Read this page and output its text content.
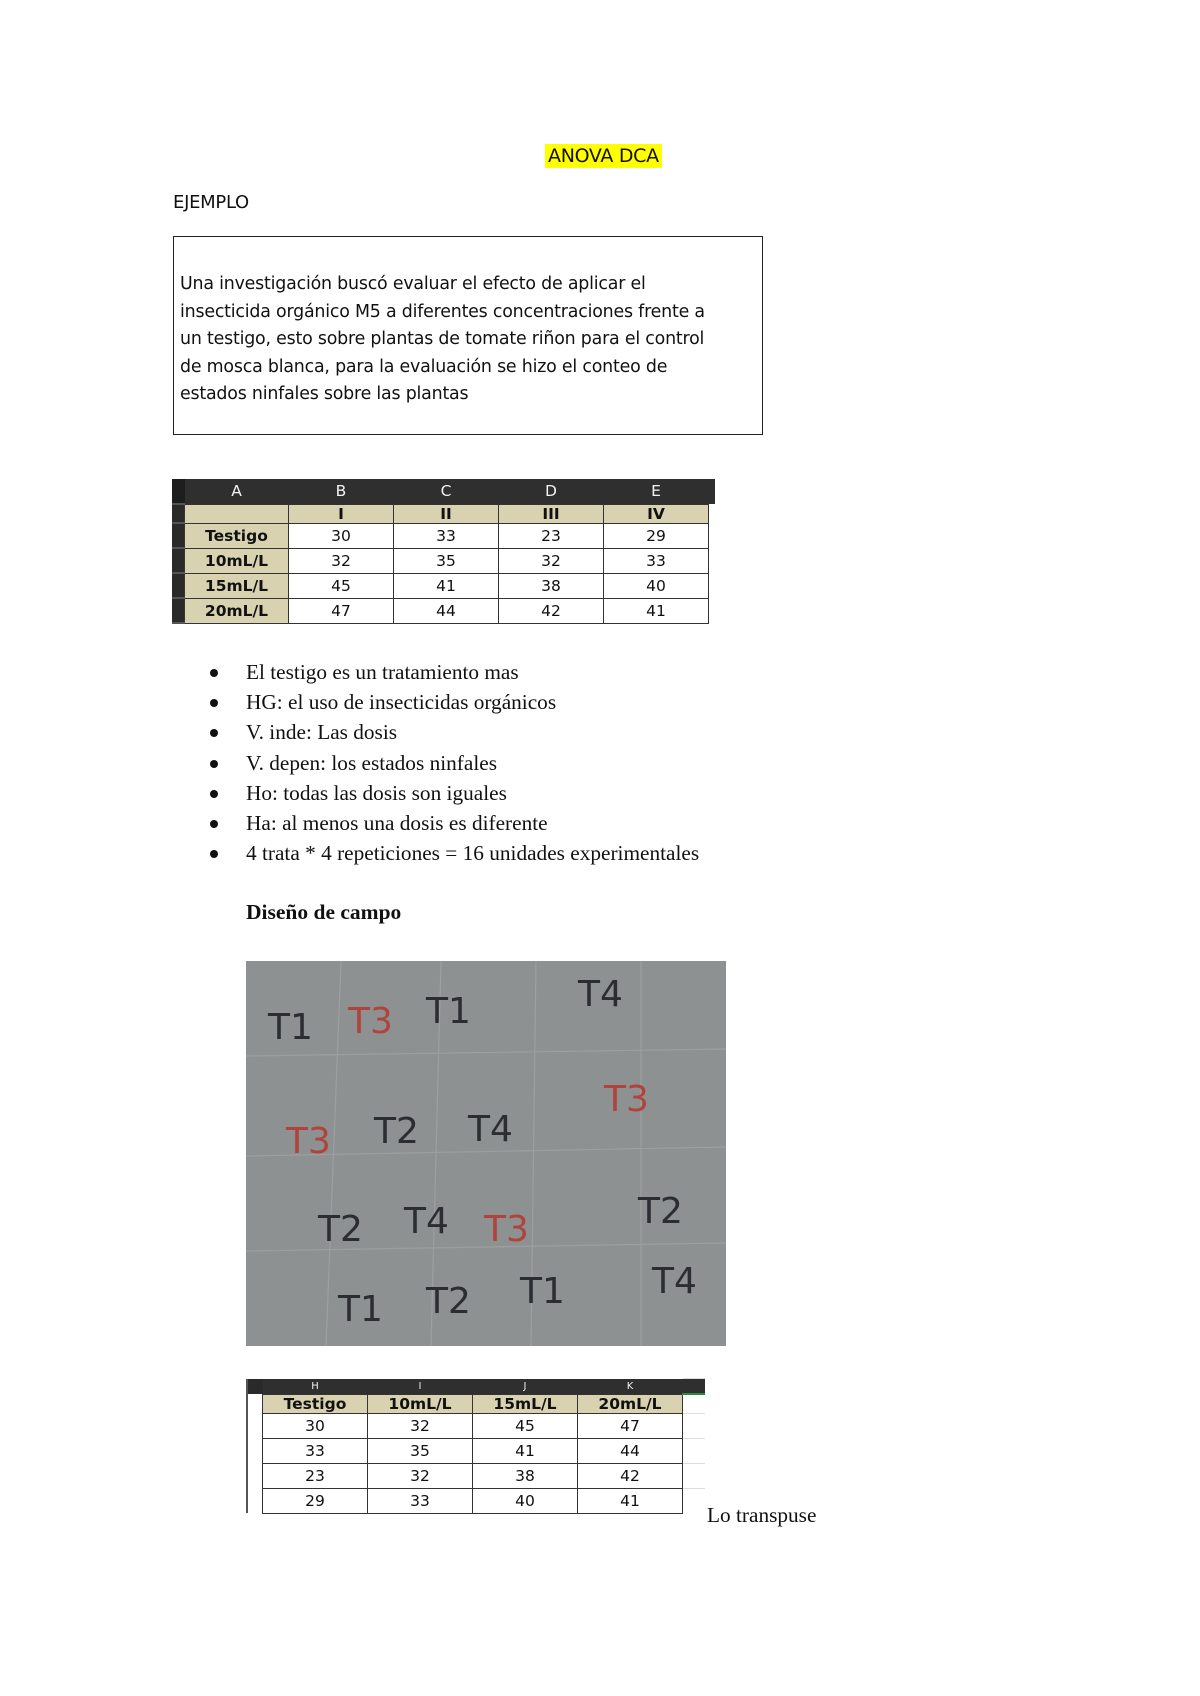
ANOVA DCA
EJEMPLO
Una investigación buscó evaluar el efecto de aplicar el
insecticida orgánico M5 a diferentes concentraciones frente a
un testigo, esto sobre plantas de tomate riñon para el control
de mosca blanca, para la evaluación se hizo el conteo de
estados ninfales sobre las plantas
	A	B	C	D	E	
		I	II	III	IV	
	Testigo	30	33	23	29	
	10mL/L	32	35	32	33	
	15mL/L	45	41	38	40	
	20mL/L	47	44	42	41	
El testigo es un tratamiento mas
HG: el uso de insecticidas orgánicos
V. inde: Las dosis
V. depen: los estados ninfales
Ho: todas las dosis son iguales
Ha: al menos una dosis es diferente
4 trata * 4 repeticiones = 16 unidades experimentales
Diseño de campo
T1 T3 T1	T4
T3 T2 T4
T3
T2 T4 T3	T2
T1 T2 T1 T4
	H	I	J	K	
	Testigo	10mL/L	15mL/L	20mL/L	
	30	32	45	47	
	33	35	41	44	
	23	32	38	42	
	29	33	40	41	
Lo transpuse
